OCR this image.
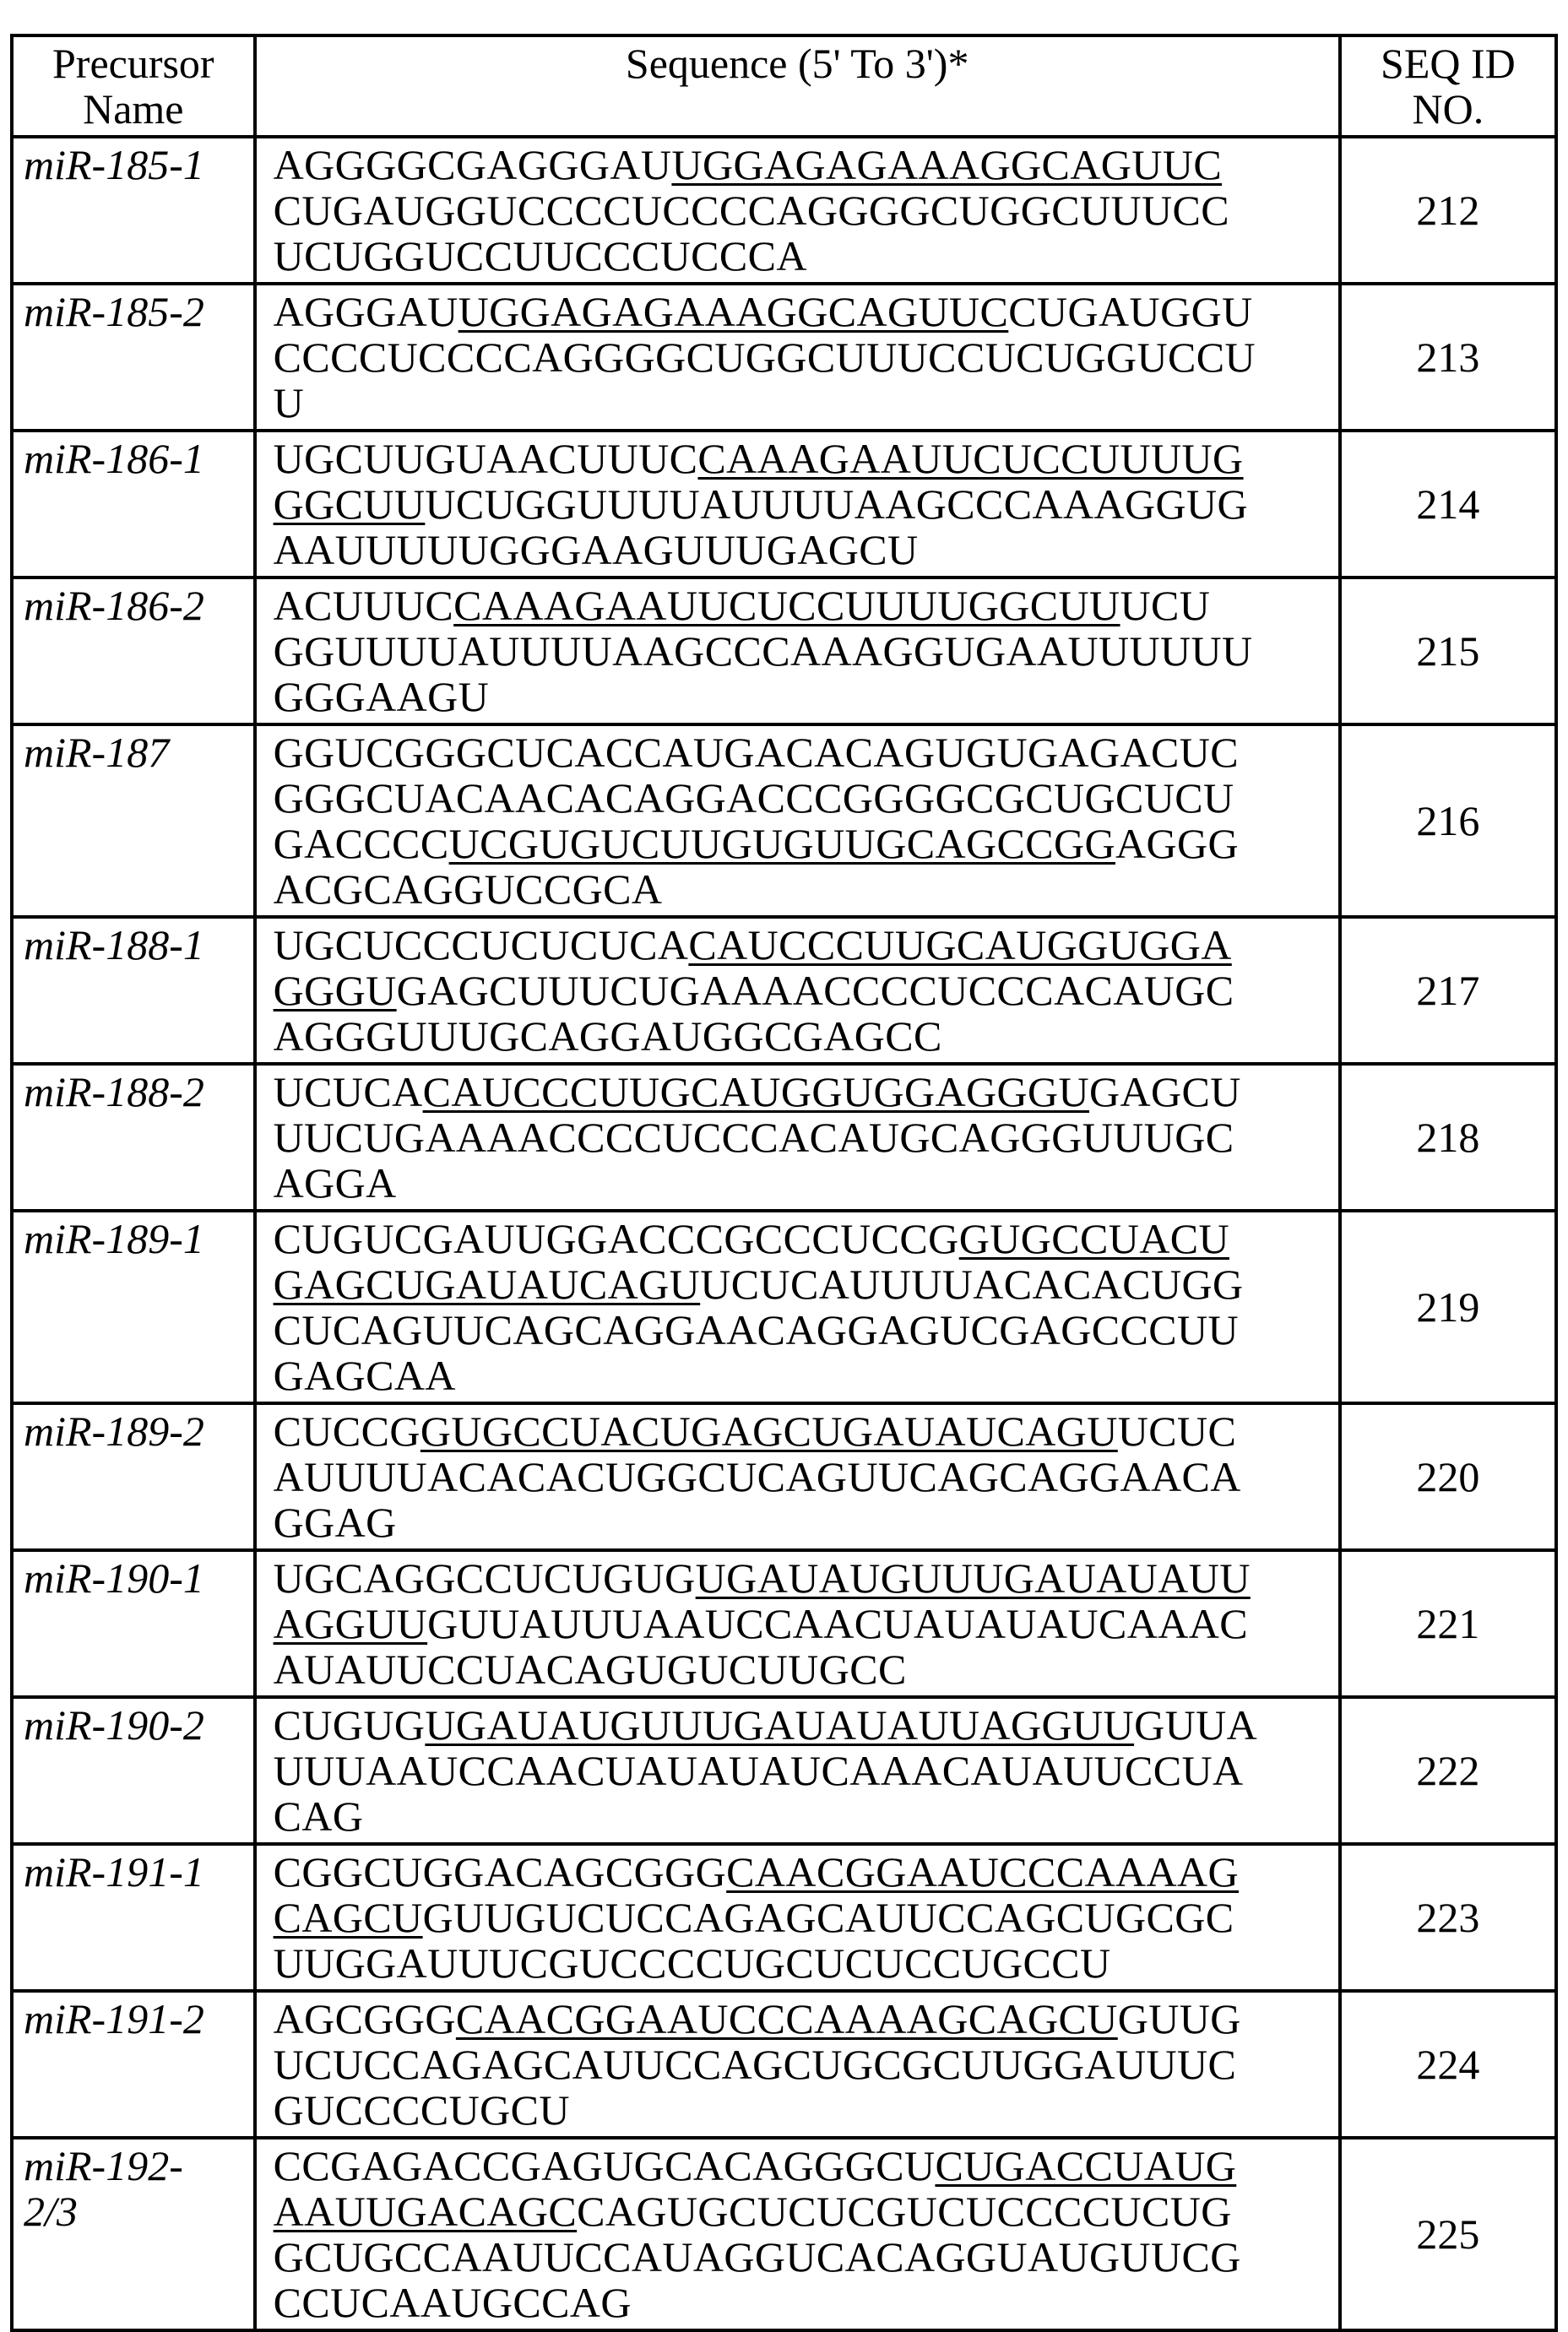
Precursor
Name
	Sequence (5' To 3')*	SEQ ID
NO.

miR-185-1	AGGGGCGAGGGAUUGGAGAGAAAGGCAGUUC
CUGAUGGUCCCCUCCCCAGGGGCUGGCUUUCC
UCUGGUCCUUCCCUCCCA
	212

miR-185-2	AGGGAUUGGAGAGAAAGGCAGUUCCUGAUGGU
CCCCUCCCCAGGGGCUGGCUUUCCUCUGGUCCU
U
	213

miR-186-1	UGCUUGUAACUUUCCAAAGAAUUCUCCUUUUG
GGCUUUCUGGUUUUAUUUUAAGCCCAAAGGUG
AAUUUUUGGGAAGUUUGAGCU
	214

miR-186-2	ACUUUCCAAAGAAUUCUCCUUUUGGCUUUCU
GGUUUUAUUUUAAGCCCAAAGGUGAAUUUUUU
GGGAAGU
	215

miR-187	GGUCGGGCUCACCAUGACACAGUGUGAGACUC
GGGCUACAACACAGGACCCGGGGCGCUGCUCU
GACCCCUCGUGUCUUGUGUUGCAGCCGGAGGG
ACGCAGGUCCGCA
	216

miR-188-1	UGCUCCCUCUCUCACAUCCCUUGCAUGGUGGA
GGGUGAGCUUUCUGAAAACCCCUCCCACAUGC
AGGGUUUGCAGGAUGGCGAGCC
	217

miR-188-2	UCUCACAUCCCUUGCAUGGUGGAGGGUGAGCU
UUCUGAAAACCCCUCCCACAUGCAGGGUUUGC
AGGA
	218

miR-189-1	CUGUCGAUUGGACCCGCCCUCCGGUGCCUACU
GAGCUGAUAUCAGUUCUCAUUUUACACACUGG
CUCAGUUCAGCAGGAACAGGAGUCGAGCCCUU
GAGCAA
	219

miR-189-2	CUCCGGUGCCUACUGAGCUGAUAUCAGUUCUC
AUUUUACACACUGGCUCAGUUCAGCAGGAACA
GGAG
	220

miR-190-1	UGCAGGCCUCUGUGUGAUAUGUUUGAUAUAUU
AGGUUGUUAUUUAAUCCAACUAUAUAUCAAAC
AUAUUCCUACAGUGUCUUGCC
	221

miR-190-2	CUGUGUGAUAUGUUUGAUAUAUUAGGUUGUUA
UUUAAUCCAACUAUAUAUCAAACAUAUUCCUA
CAG
	222

miR-191-1	CGGCUGGACAGCGGGCAACGGAAUCCCAAAAG
CAGCUGUUGUCUCCAGAGCAUUCCAGCUGCGC
UUGGAUUUCGUCCCCUGCUCUCCUGCCU
	223

miR-191-2	AGCGGGCAACGGAAUCCCAAAAGCAGCUGUUG
UCUCCAGAGCAUUCCAGCUGCGCUUGGAUUUC
GUCCCCUGCU
	224

miR-192-
2/3

CCGAGACCGAGUGCACAGGGCUCUGACCUAUG
AAUUGACAGCCAGUGCUCUCGUCUCCCCUCUG
GCUGCCAAUUCCAUAGGUCACAGGUAUGUUCG
CCUCAAUGCCAG
	225
